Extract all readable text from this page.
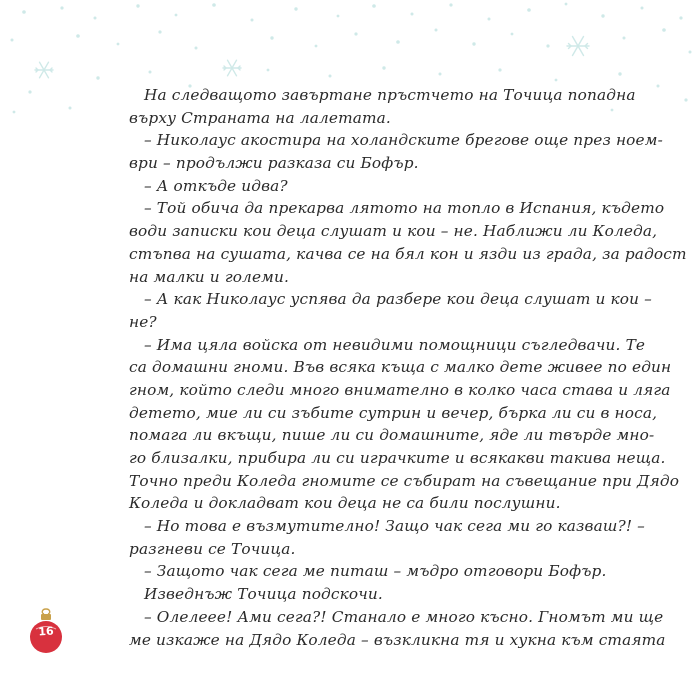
На следващото завъртане пръстчето на Точица попадна
върху Страната на лалетата.
– Николаус акостира на холандските брегове още през ноем-
ври – продължи разказа си Бофър.
– А откъде идва?
– Той обича да прекарва лятото на топло в Испания, където
води записки кои деца слушат и кои – не. Наближи ли Коледа,
стъпва на сушата, качва се на бял кон и язди из града, за радост
на малки и големи.
– А как Николаус успява да разбере кои деца слушат и кои –
не?
– Има цяла войска от невидими помощници съгледвачи. Те
са домашни гноми. Във всяка къща с малко дете живее по един
гном, който следи много внимателно в колко часа става и ляга
детето, мие ли си зъбите сутрин и вечер, бърка ли си в носа,
помага ли вкъщи, пише ли си домашните, яде ли твърде мно-
го близалки, прибира ли си играчките и всякакви такива неща.
Точно преди Коледа гномите се събират на съвещание при Дядо
Коледа и докладват кои деца не са били послушни.
– Но това е възмутително! Защо чак сега ми го казваш?! –
разгневи се Точица.
– Защото чак сега ме питаш – мъдро отговори Бофър.
Изведнъж Точица подскочи.
– Олелеее! Ами сега?! Станало е много късно. Гномът ми ще
ме изкаже на Дядо Коледа – възкликна тя и хукна към стаята
16
